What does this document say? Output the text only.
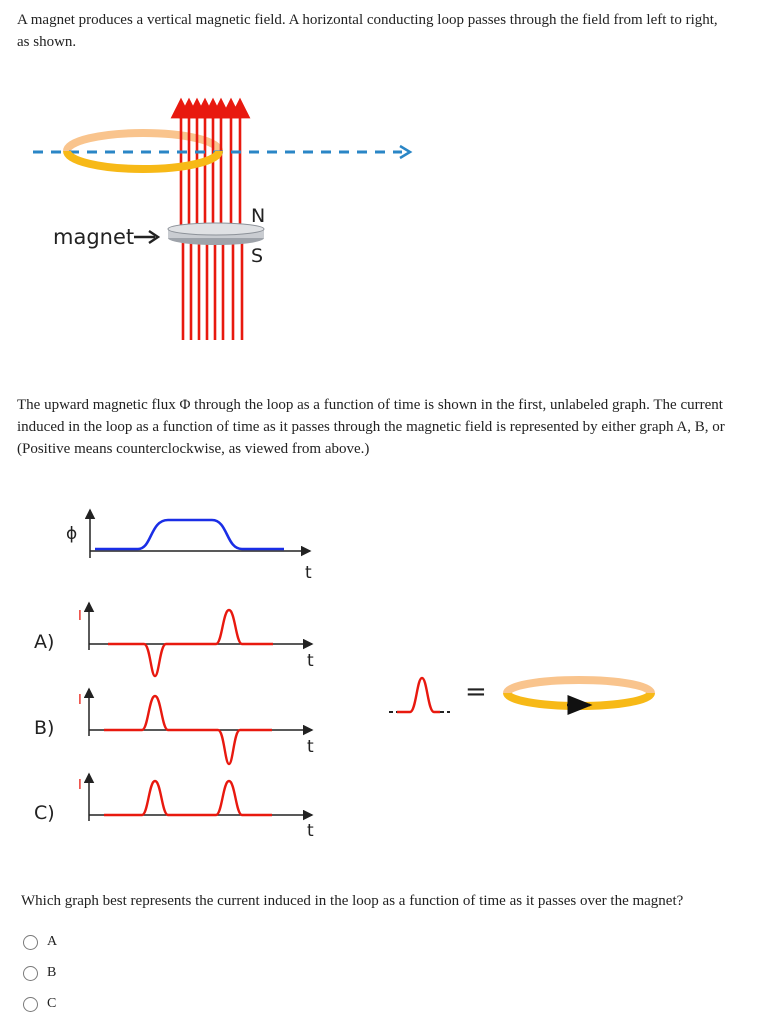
A magnet produces a vertical magnetic field. A horizontal conducting loop passes through the field from left to right,
as shown.
N
S
magnet
The upward magnetic flux Φ through the loop as a function of time is shown in the first, unlabeled graph. The current
induced in the loop as a function of time as it passes through the magnetic field is represented by either graph A, B, or
(Positive means counterclockwise, as viewed from above.)
ϕ
t
A)
I
t
B)
I
t
C)
I
t
=
Which graph best represents the current induced in the loop as a function of time as it passes over the magnet?
A
B
C
